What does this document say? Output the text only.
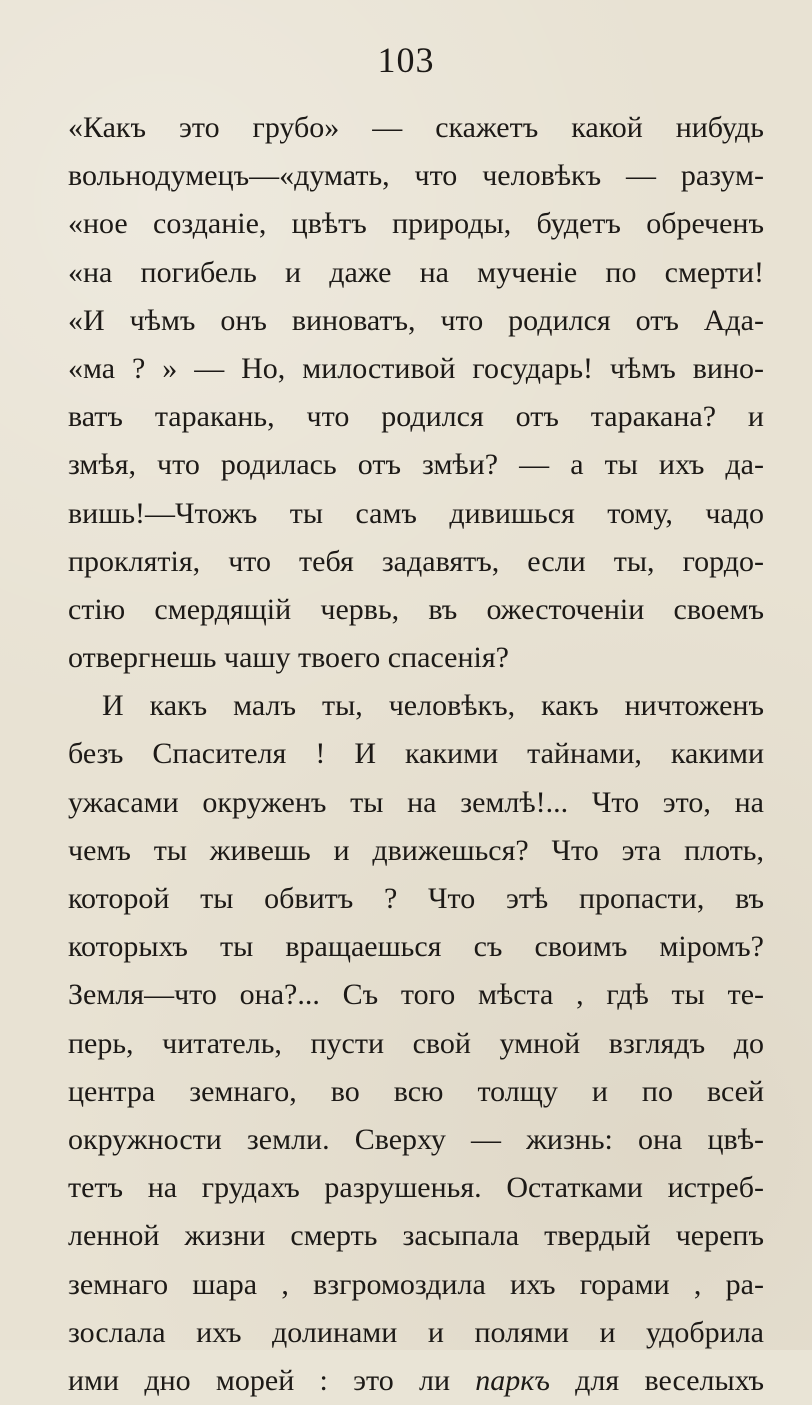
103
«Какъ это грубо» — скажетъ какой нибудь
вольнодумецъ—«думать, что человѣкъ — разум-
«ное созданіе, цвѣтъ природы, будетъ обреченъ
«на погибель и даже на мученіе по смерти!
«И чѣмъ онъ виноватъ, что родился отъ Ада-
«ма ? » — Но, милостивой государь! чѣмъ вино-
ватъ таракань, что родился отъ таракана? и
змѣя, что родилась отъ змѣи? — а ты ихъ да-
вишь!—Чтожъ ты самъ дивишься тому, чадо
проклятія, что тебя задавятъ, если ты, гордо-
стію смердящій червь, въ ожесточеніи своемъ
отвергнешь чашу твоего спасенія?
И какъ малъ ты, человѣкъ, какъ ничтоженъ
безъ Спасителя ! И какими тайнами, какими
ужасами окруженъ ты на землѣ!... Что это, на
чемъ ты живешь и движешься? Что эта плоть,
которой ты обвитъ ? Что этѣ пропасти, въ
которыхъ ты вращаешься съ своимъ міромъ?
Земля—что она?... Съ того мѣста , гдѣ ты те-
перь, читатель, пусти свой умной взглядъ до
центра земнаго, во всю толщу и по всей
окружности земли. Сверху — жизнь: она цвѣ-
тетъ на грудахъ разрушенья. Остатками истреб-
ленной жизни смерть засыпала твердый черепъ
земнаго шара , взгромоздила ихъ горами , ра-
зослала ихъ долинами и полями и удобрила
ими дно морей : это ли паркъ для веселыхъ
